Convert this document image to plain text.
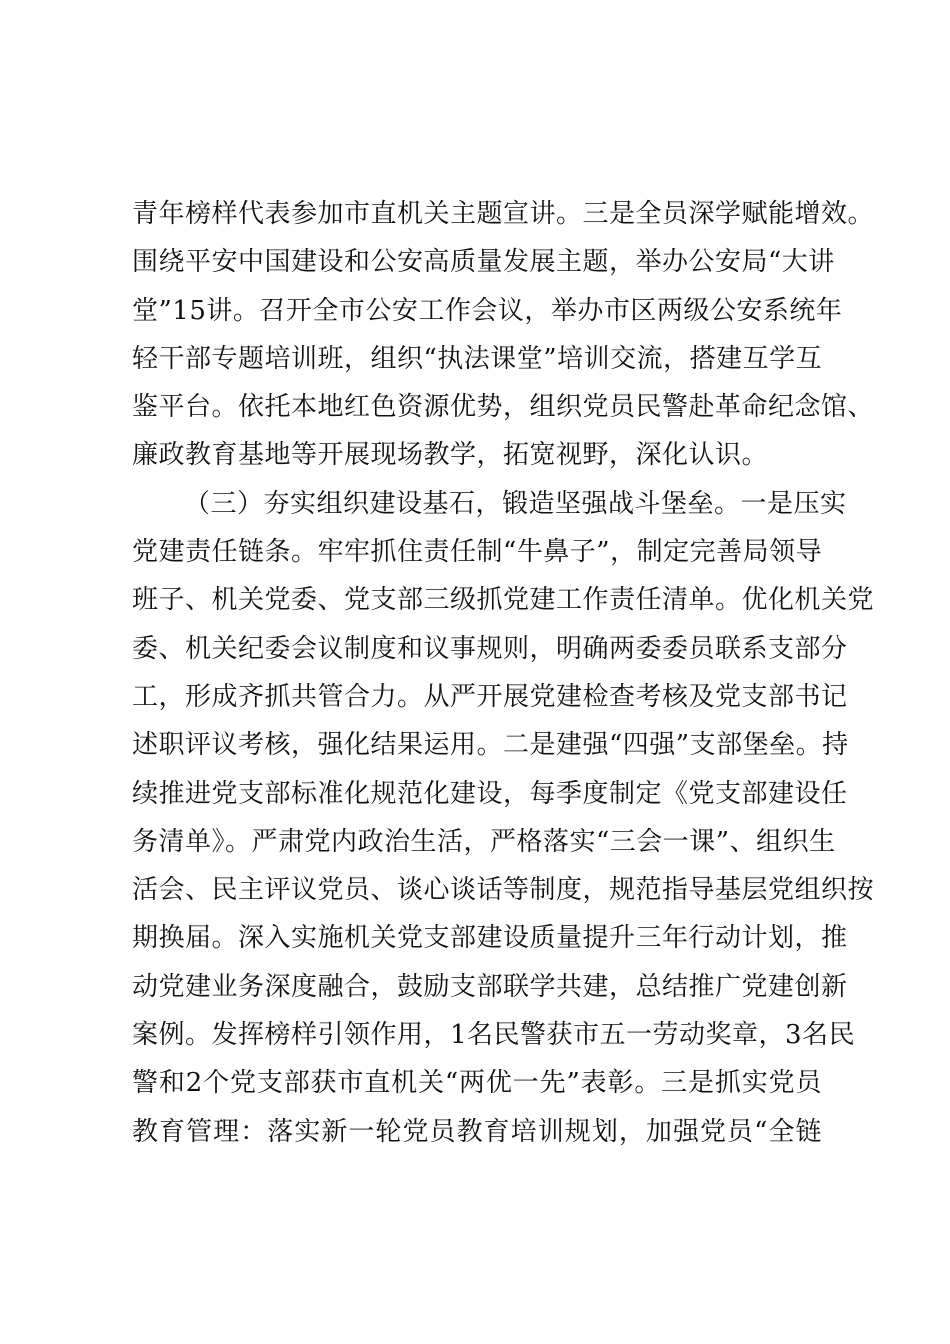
青年榜样代表参加市直机关主题宣讲。三是全员深学赋能增效。
围绕平安中国建设和公安高质量发展主题，举办公安局“大讲
堂”15讲。召开全市公安工作会议，举办市区两级公安系统年
轻干部专题培训班，组织“执法课堂”培训交流，搭建互学互
鉴平台。依托本地红色资源优势，组织党员民警赴革命纪念馆、
廉政教育基地等开展现场教学，拓宽视野，深化认识。
（三）夯实组织建设基石，锻造坚强战斗堡垒。一是压实
党建责任链条。牢牢抓住责任制“牛鼻子”，制定完善局领导
班子、机关党委、党支部三级抓党建工作责任清单。优化机关党
委、机关纪委会议制度和议事规则，明确两委委员联系支部分
工，形成齐抓共管合力。从严开展党建检查考核及党支部书记
述职评议考核，强化结果运用。二是建强“四强”支部堡垒。持
续推进党支部标准化规范化建设，每季度制定《党支部建设任
务清单》。严肃党内政治生活，严格落实“三会一课”、组织生
活会、民主评议党员、谈心谈话等制度，规范指导基层党组织按
期换届。深入实施机关党支部建设质量提升三年行动计划，推
动党建业务深度融合，鼓励支部联学共建，总结推广党建创新
案例。发挥榜样引领作用，1名民警获市五一劳动奖章，3名民
警和2个党支部获市直机关“两优一先”表彰。三是抓实党员
教育管理：落实新一轮党员教育培训规划，加强党员“全链
